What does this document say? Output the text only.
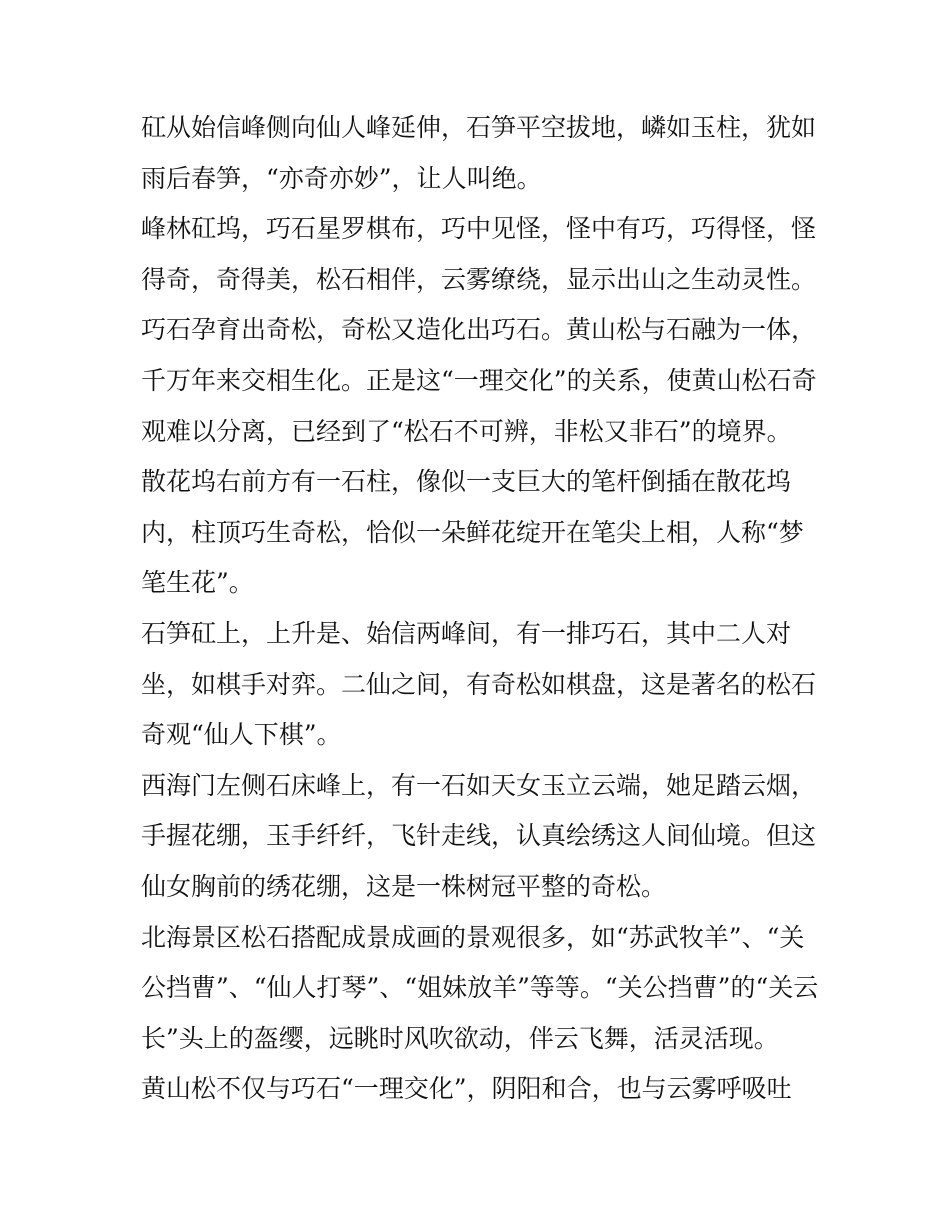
矼从始信峰侧向仙人峰延伸，石笋平空拔地，嶙如玉柱，犹如
雨后春笋，“亦奇亦妙”，让人叫绝。
峰林矼坞，巧石星罗棋布，巧中见怪，怪中有巧，巧得怪，怪
得奇，奇得美，松石相伴，云雾缭绕，显示出山之生动灵性。
巧石孕育出奇松，奇松又造化出巧石。黄山松与石融为一体，
千万年来交相生化。正是这“一理交化”的关系，使黄山松石奇
观难以分离，已经到了“松石不可辨，非松又非石”的境界。
散花坞右前方有一石柱，像似一支巨大的笔杆倒插在散花坞
内，柱顶巧生奇松，恰似一朵鲜花绽开在笔尖上相，人称“梦
笔生花”。
石笋矼上，上升是、始信两峰间，有一排巧石，其中二人对
坐，如棋手对弈。二仙之间，有奇松如棋盘，这是著名的松石
奇观“仙人下棋”。
西海门左侧石床峰上，有一石如天女玉立云端，她足踏云烟，
手握花绷，玉手纤纤，飞针走线，认真绘绣这人间仙境。但这
仙女胸前的绣花绷，这是一株树冠平整的奇松。
北海景区松石搭配成景成画的景观很多，如“苏武牧羊”、“关
公挡曹”、“仙人打琴”、“姐妹放羊”等等。“关公挡曹”的“关云
长”头上的盔缨，远眺时风吹欲动，伴云飞舞，活灵活现。
黄山松不仅与巧石“一理交化”，阴阳和合，也与云雾呼吸吐
